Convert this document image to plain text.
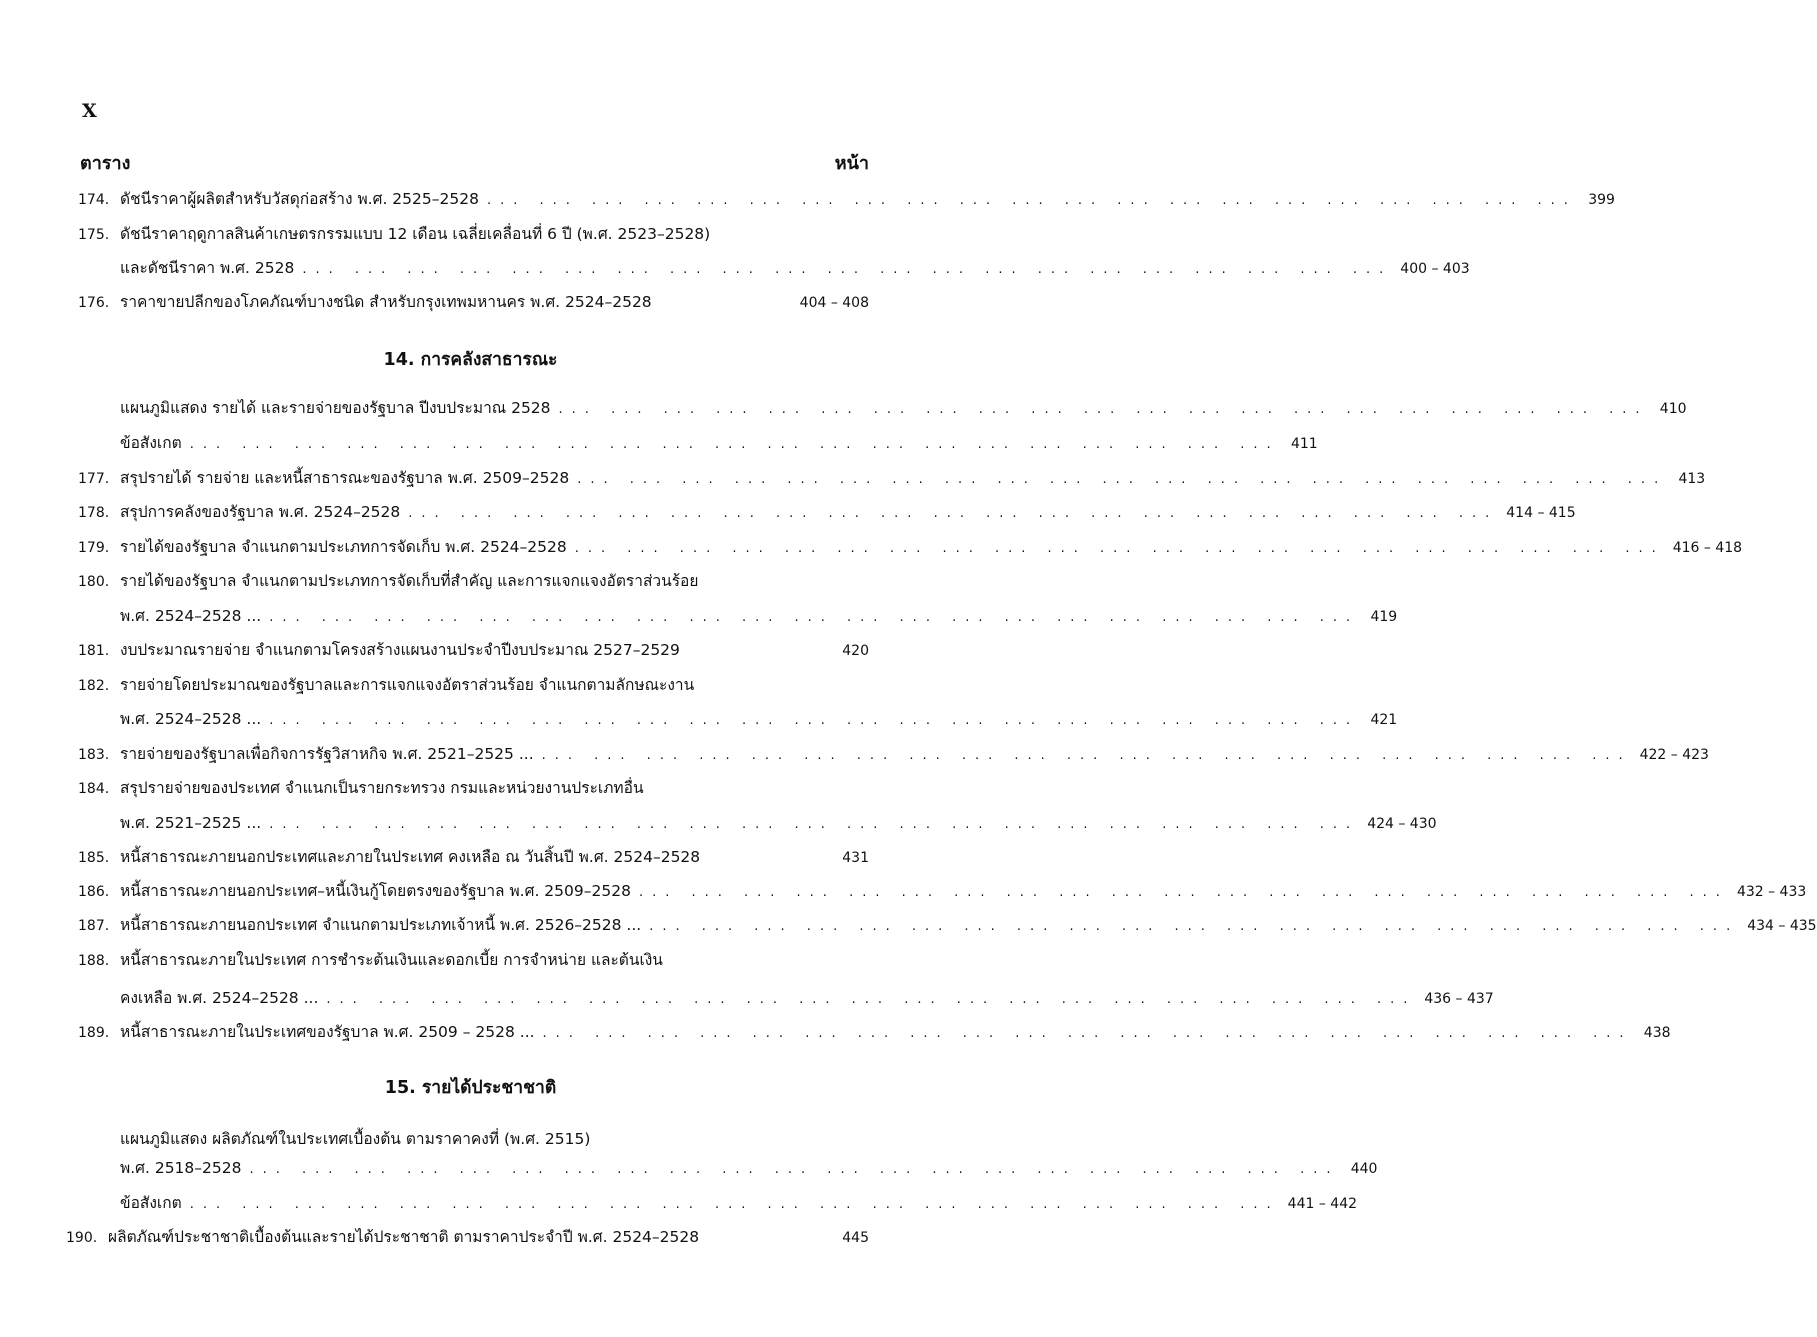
X
ตาราง	หน้า
14. การคลังสาธารณะ
15. รายได้ประชาชาติ
174. ดัชนีราคาผู้ผลิตสำหรับวัสดุก่อสร้าง พ.ศ. 2525–2528 ... ... ... ... ... ... ... ... ... ... ... ... ... ... ... ... ... ... ... ... ... 399
175. ดัชนีราคาฤดูกาลสินค้าเกษตรกรรมแบบ 12 เดือน เฉลี่ยเคลื่อนที่ 6 ปี (พ.ศ. 2523–2528)
และดัชนีราคา พ.ศ. 2528 ... ... ... ... ... ... ... ... ... ... ... ... ... ... ... ... ... ... ... ... ... 400 – 403
176. ราคาขายปลีกของโภคภัณฑ์บางชนิด สำหรับกรุงเทพมหานคร พ.ศ. 2524–2528	404 – 408
แผนภูมิแสดง รายได้ และรายจ่ายของรัฐบาล ปีงบประมาณ 2528 ... ... ... ... ... ... ... ... ... ... ... ... ... ... ... ... ... ... ... ... ... 410
ข้อสังเกต ... ... ... ... ... ... ... ... ... ... ... ... ... ... ... ... ... ... ... ... ... 411
177. สรุปรายได้ รายจ่าย และหนี้สาธารณะของรัฐบาล พ.ศ. 2509–2528 ... ... ... ... ... ... ... ... ... ... ... ... ... ... ... ... ... ... ... ... ... 413
178. สรุปการคลังของรัฐบาล พ.ศ. 2524–2528 ... ... ... ... ... ... ... ... ... ... ... ... ... ... ... ... ... ... ... ... ... 414 – 415
179. รายได้ของรัฐบาล จำแนกตามประเภทการจัดเก็บ พ.ศ. 2524–2528 ... ... ... ... ... ... ... ... ... ... ... ... ... ... ... ... ... ... ... ... ... 416 – 418
180. รายได้ของรัฐบาล จำแนกตามประเภทการจัดเก็บที่สำคัญ และการแจกแจงอัตราส่วนร้อย
พ.ศ. 2524–2528 ... ... ... ... ... ... ... ... ... ... ... ... ... ... ... ... ... ... ... ... ... ... 419
181. งบประมาณรายจ่าย จำแนกตามโครงสร้างแผนงานประจำปีงบประมาณ 2527–2529	420
182. รายจ่ายโดยประมาณของรัฐบาลและการแจกแจงอัตราส่วนร้อย จำแนกตามลักษณะงาน
พ.ศ. 2524–2528 ... ... ... ... ... ... ... ... ... ... ... ... ... ... ... ... ... ... ... ... ... ... 421
183. รายจ่ายของรัฐบาลเพื่อกิจการรัฐวิสาหกิจ พ.ศ. 2521–2525 ... ... ... ... ... ... ... ... ... ... ... ... ... ... ... ... ... ... ... ... ... ... 422 – 423
184. สรุปรายจ่ายของประเทศ จำแนกเป็นรายกระทรวง กรมและหน่วยงานประเภทอื่น
พ.ศ. 2521–2525 ... ... ... ... ... ... ... ... ... ... ... ... ... ... ... ... ... ... ... ... ... ... 424 – 430
185. หนี้สาธารณะภายนอกประเทศและภายในประเทศ คงเหลือ ณ วันสิ้นปี พ.ศ. 2524–2528	431
186. หนี้สาธารณะภายนอกประเทศ–หนี้เงินกู้โดยตรงของรัฐบาล พ.ศ. 2509–2528 ... ... ... ... ... ... ... ... ... ... ... ... ... ... ... ... ... ... ... ... ... 432 – 433
187. หนี้สาธารณะภายนอกประเทศ จำแนกตามประเภทเจ้าหนี้ พ.ศ. 2526–2528 ... ... ... ... ... ... ... ... ... ... ... ... ... ... ... ... ... ... ... ... ... ... 434 – 435
188. หนี้สาธารณะภายในประเทศ การชำระต้นเงินและดอกเบี้ย การจำหน่าย และต้นเงิน
คงเหลือ พ.ศ. 2524–2528 ... ... ... ... ... ... ... ... ... ... ... ... ... ... ... ... ... ... ... ... ... ... 436 – 437
189. หนี้สาธารณะภายในประเทศของรัฐบาล พ.ศ. 2509 – 2528 ... ... ... ... ... ... ... ... ... ... ... ... ... ... ... ... ... ... ... ... ... ... 438
แผนภูมิแสดง ผลิตภัณฑ์ในประเทศเบื้องต้น ตามราคาคงที่ (พ.ศ. 2515)
พ.ศ. 2518–2528 ... ... ... ... ... ... ... ... ... ... ... ... ... ... ... ... ... ... ... ... ... 440
ข้อสังเกต ... ... ... ... ... ... ... ... ... ... ... ... ... ... ... ... ... ... ... ... ... 441 – 442
190. ผลิตภัณฑ์ประชาชาติเบื้องต้นและรายได้ประชาชาติ ตามราคาประจำปี พ.ศ. 2524–2528	445
